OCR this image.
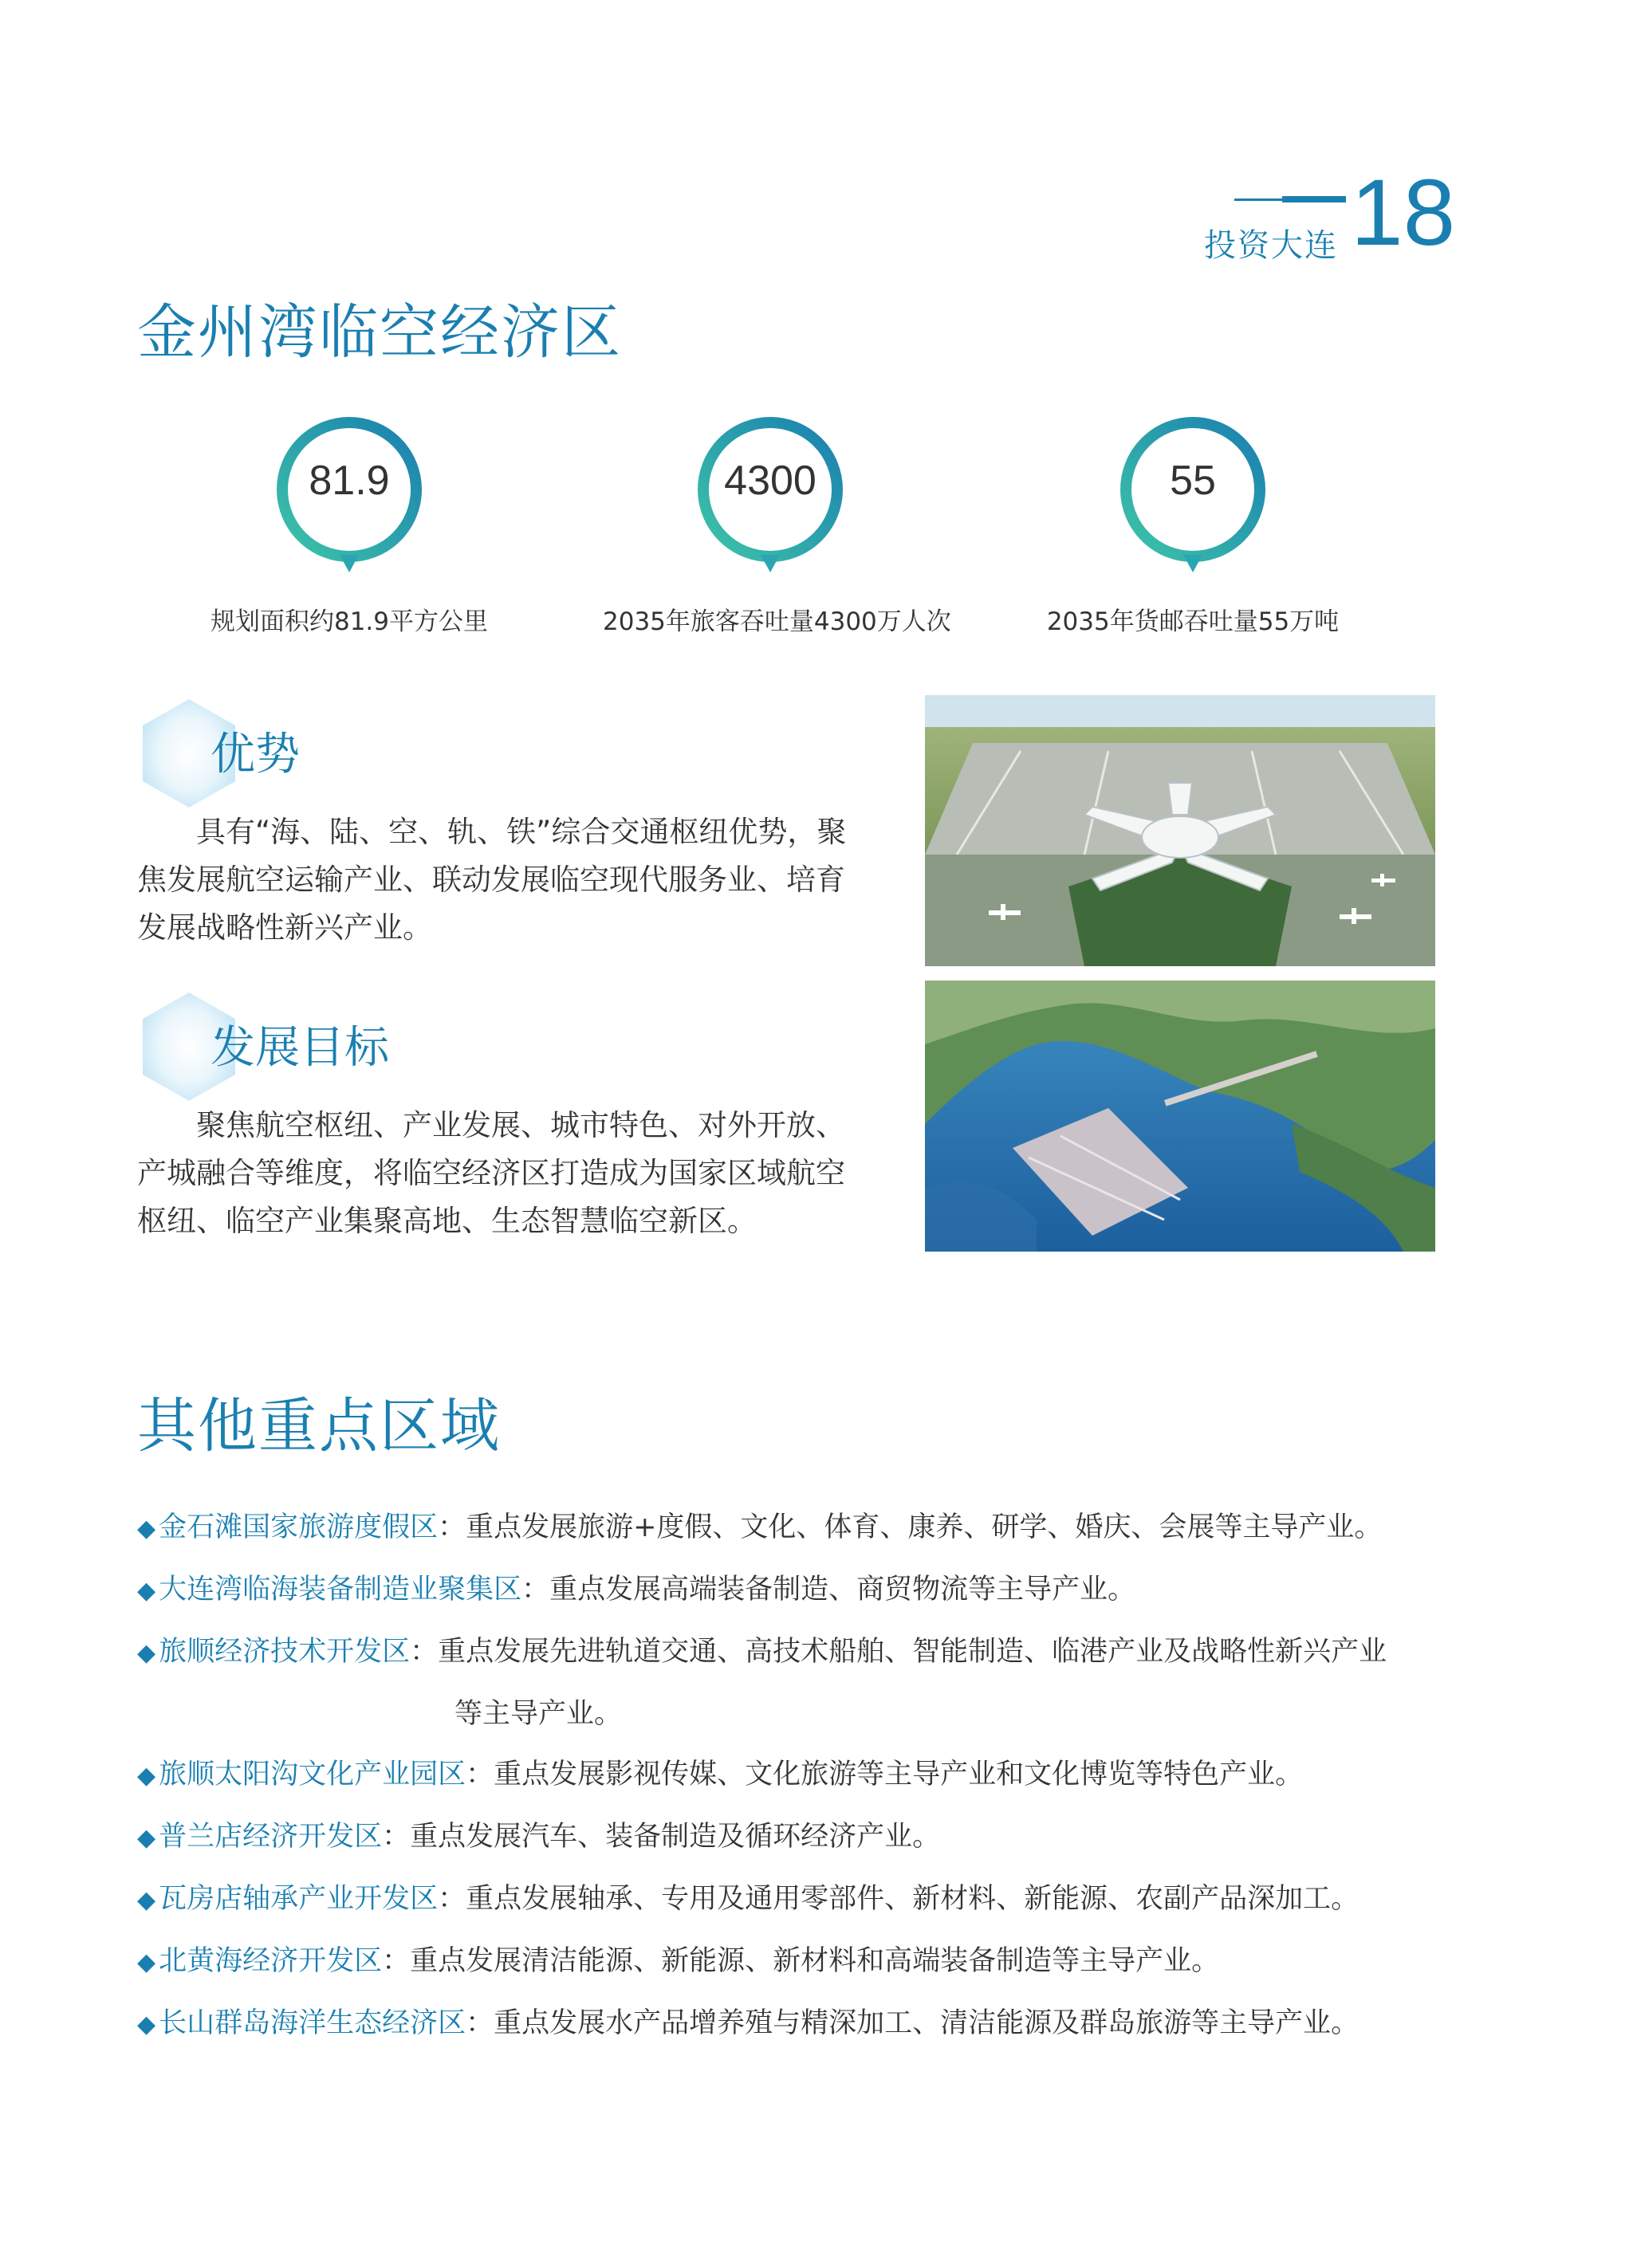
投资大连 18
金州湾临空经济区
81.9
规划面积约81.9平方公里
4300
2035年旅客吞吐量4300万人次
55
2035年货邮吞吐量55万吨
优势
具有“海、陆、空、轨、铁”综合交通枢纽优势，聚焦发展航空运输产业、联动发展临空现代服务业、培育发展战略性新兴产业。
发展目标
聚焦航空枢纽、产业发展、城市特色、对外开放、产城融合等维度，将临空经济区打造成为国家区域航空枢纽、临空产业集聚高地、生态智慧临空新区。
其他重点区域
◆ 金石滩国家旅游度假区：重点发展旅游+度假、文化、体育、康养、研学、婚庆、会展等主导产业。
◆ 大连湾临海装备制造业聚集区：重点发展高端装备制造、商贸物流等主导产业。
◆ 旅顺经济技术开发区：重点发展先进轨道交通、高技术船舶、智能制造、临港产业及战略性新兴产业
等主导产业。
◆ 旅顺太阳沟文化产业园区：重点发展影视传媒、文化旅游等主导产业和文化博览等特色产业。
◆ 普兰店经济开发区：重点发展汽车、装备制造及循环经济产业。
◆ 瓦房店轴承产业开发区：重点发展轴承、专用及通用零部件、新材料、新能源、农副产品深加工。
◆ 北黄海经济开发区：重点发展清洁能源、新能源、新材料和高端装备制造等主导产业。
◆ 长山群岛海洋生态经济区：重点发展水产品增养殖与精深加工、清洁能源及群岛旅游等主导产业。
